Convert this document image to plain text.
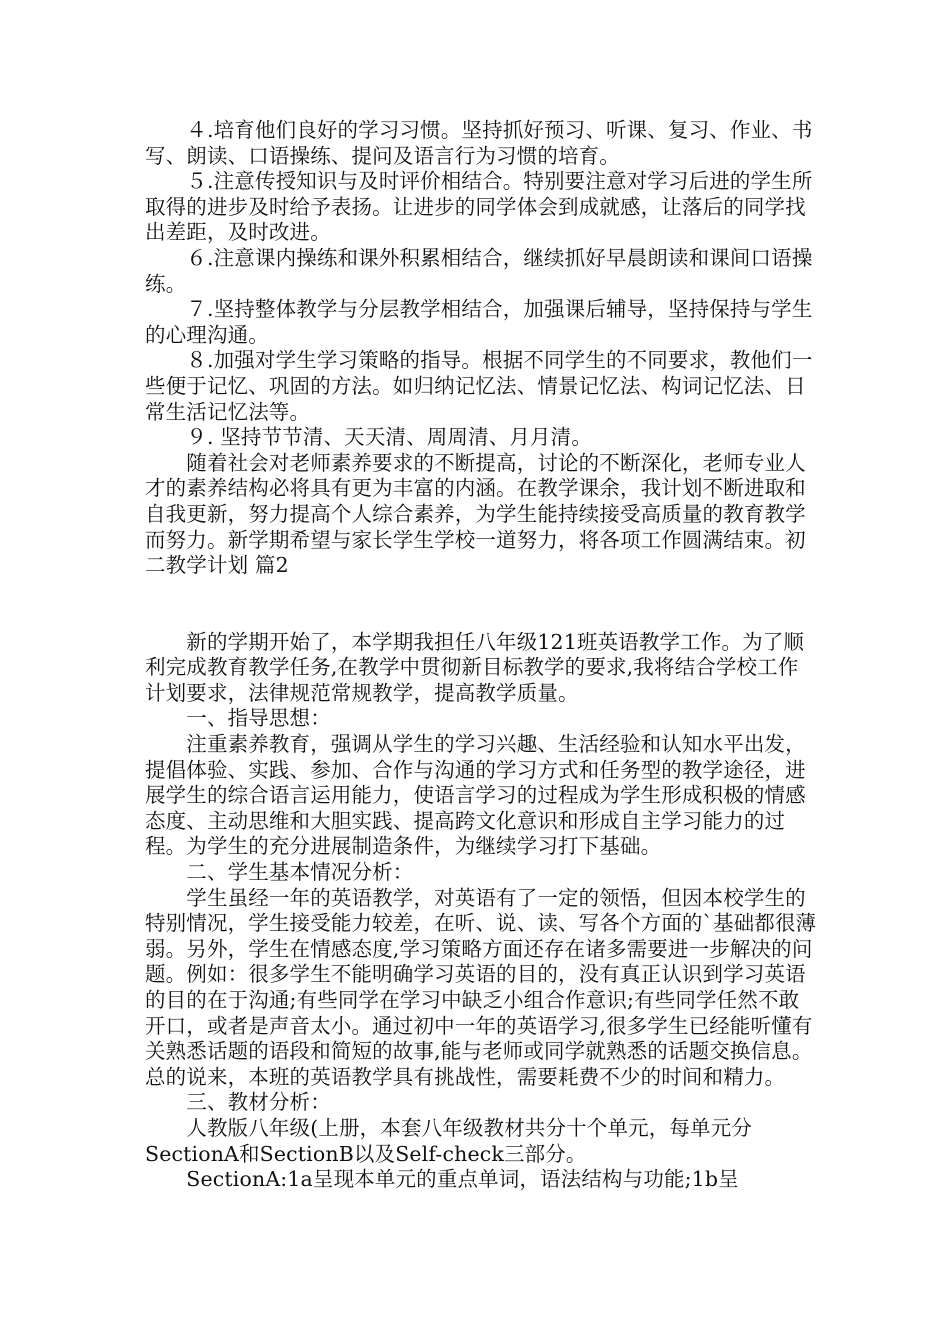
　　４.培育他们良好的学习习惯。坚持抓好预习、听课、复习、作业、书写、朗读、口语操练、提问及语言行为习惯的培育。

　　５.注意传授知识与及时评价相结合。特别要注意对学习后进的学生所取得的进步及时给予表扬。让进步的同学体会到成就感，让落后的同学找出差距，及时改进。

　　６.注意课内操练和课外积累相结合，继续抓好早晨朗读和课间口语操练。

　　７.坚持整体教学与分层教学相结合，加强课后辅导，坚持保持与学生的心理沟通。

　　８.加强对学生学习策略的指导。根据不同学生的不同要求，教他们一些便于记忆、巩固的方法。如归纳记忆法、情景记忆法、构词记忆法、日常生活记忆法等。

　　９. 坚持节节清、天天清、周周清、月月清。

　　随着社会对老师素养要求的不断提高，讨论的不断深化，老师专业人才的素养结构必将具有更为丰富的内涵。在教学课余，我计划不断进取和自我更新，努力提高个人综合素养，为学生能持续接受高质量的教育教学而努力。新学期希望与家长学生学校一道努力，将各项工作圆满结束。初二教学计划 篇2

　　新的学期开始了，本学期我担任八年级121班英语教学工作。为了顺利完成教育教学任务,在教学中贯彻新目标教学的要求,我将结合学校工作计划要求，法律规范常规教学，提高教学质量。

　　一、指导思想：

　　注重素养教育，强调从学生的学习兴趣、生活经验和认知水平出发，提倡体验、实践、参加、合作与沟通的学习方式和任务型的教学途径，进展学生的综合语言运用能力，使语言学习的过程成为学生形成积极的情感态度、主动思维和大胆实践、提高跨文化意识和形成自主学习能力的过程。为学生的充分进展制造条件，为继续学习打下基础。

　　二、学生基本情况分析：

　　学生虽经一年的英语教学，对英语有了一定的领悟，但因本校学生的特别情况，学生接受能力较差，在听、说、读、写各个方面的`基础都很薄弱。另外，学生在情感态度,学习策略方面还存在诸多需要进一步解决的问题。例如：很多学生不能明确学习英语的目的，没有真正认识到学习英语的目的在于沟通;有些同学在学习中缺乏小组合作意识;有些同学任然不敢开口，或者是声音太小。通过初中一年的英语学习,很多学生已经能听懂有关熟悉话题的语段和简短的故事,能与老师或同学就熟悉的话题交换信息。总的说来，本班的英语教学具有挑战性，需要耗费不少的时间和精力。

　　三、教材分析：

　　人教版八年级(上册，本套八年级教材共分十个单元，每单元分SectionA和SectionB以及Self-check三部分。

　　SectionA:1a呈现本单元的重点单词，语法结构与功能;1b呈
